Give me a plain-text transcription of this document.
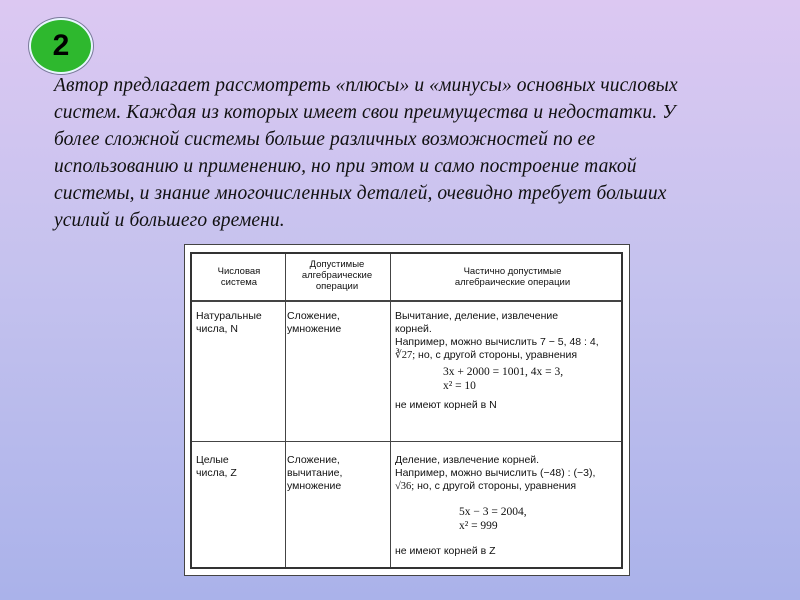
2
Автор предлагает рассмотреть «плюсы» и «минусы» основных числовых
систем. Каждая из которых имеет свои преимущества и недостатки. У
более сложной системы больше различных возможностей по ее
использованию и применению, но при этом и само построение такой
системы, и знание многочисленных деталей, очевидно требует больших
усилий и большего времени.
Числовая
система
Допустимые
алгебраические
операции
Частично допустимые
алгебраические операции
Натуральные
числа, N
Сложение,
умножение
Вычитание, деление, извлечение
корней.
Например, можно вычислить 7 − 5, 48 : 4,
∛27; но, с другой стороны, уравнения
3x + 2000 = 1001, 4x = 3,
x² = 10
не имеют корней в N
Целые
числа, Z
Сложение,
вычитание,
умножение
Деление, извлечение корней.
Например, можно вычислить (−48) : (−3),
√36; но, с другой стороны, уравнения
5x − 3 = 2004,
x² = 999
не имеют корней в Z
